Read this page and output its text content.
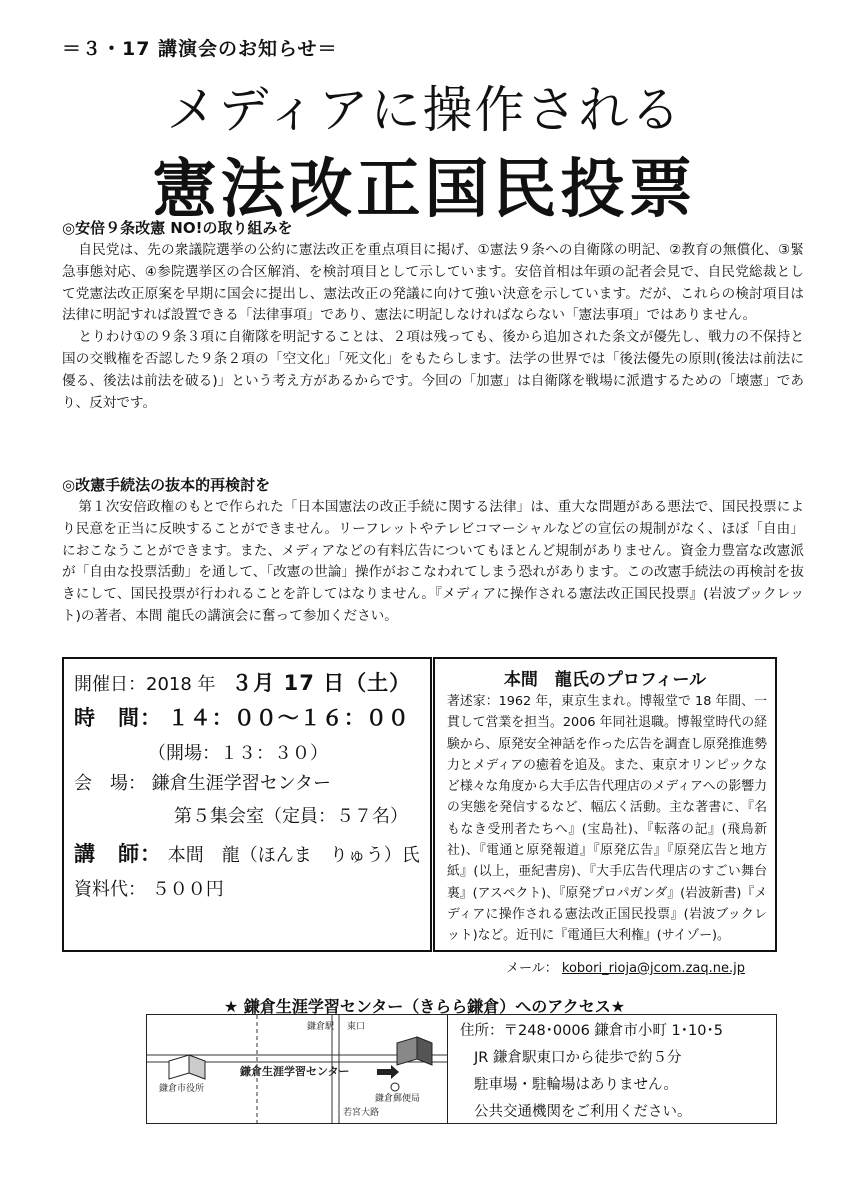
＝３・17 講演会のお知らせ＝
メディアに操作される
憲法改正国民投票
◎安倍９条改憲 NO!の取り組みを

自民党は、先の衆議院選挙の公約に憲法改正を重点項目に掲げ、①憲法９条への自衛隊の明記、②教育の無償化、③緊急事態対応、④参院選挙区の合区解消、を検討項目として示しています。安倍首相は年頭の記者会見で、自民党総裁として党憲法改正原案を早期に国会に提出し、憲法改正の発議に向けて強い決意を示しています。だが、これらの検討項目は法律に明記すれば設置できる「法律事項」であり、憲法に明記しなければならない「憲法事項」ではありません。

とりわけ①の９条３項に自衛隊を明記することは、２項は残っても、後から追加された条文が優先し、戦力の不保持と国の交戦権を否認した９条２項の「空文化」「死文化」をもたらします。法学の世界では「後法優先の原則(後法は前法に優る、後法は前法を破る)」という考え方があるからです。今回の「加憲」は自衛隊を戦場に派遣するための「壊憲」であり、反対です。

◎改憲手続法の抜本的再検討を

第１次安倍政権のもとで作られた「日本国憲法の改正手続に関する法律」は、重大な問題がある悪法で、国民投票により民意を正当に反映することができません。リーフレットやテレビコマーシャルなどの宣伝の規制がなく、ほぼ「自由」におこなうことができます。また、メディアなどの有料広告についてもほとんど規制がありません。資金力豊富な改憲派が「自由な投票活動」を通して、「改憲の世論」操作がおこなわれてしまう恐れがあります。この改憲手続法の再検討を抜きにして、国民投票が行われることを許してはなりません。『メディアに操作される憲法改正国民投票』(岩波ブックレット)の著者、本間 龍氏の講演会に奮って参加ください。

開催日：2018 年 ３月 17 日（土）
時　間： １４：００〜１６：００
（開場：１３：３０）
会　場： 鎌倉生涯学習センター
第５集会室（定員：５７名）
講　師： 本間　龍（ほんま　りゅう）氏
資料代： ５００円
本間　龍氏のプロフィール
著述家：1962 年，東京生まれ。博報堂で 18 年間、一貫して営業を担当。2006 年同社退職。博報堂時代の経験から、原発安全神話を作った広告を調査し原発推進勢力とメディアの癒着を追及。また、東京オリンピックなど様々な角度から大手広告代理店のメディアへの影響力の実態を発信するなど、幅広く活動。主な著書に、『名もなき受刑者たちへ』(宝島社)、『転落の記』(飛鳥新社)、『電通と原発報道』『原発広告』『原発広告と地方紙』(以上，亜紀書房)、『大手広告代理店のすごい舞台裏』(アスペクト)、『原発プロパガンダ』(岩波新書)『メディアに操作される憲法改正国民投票』(岩波ブックレット)など。近刊に『電通巨大利権』(サイゾー)。
メール： kobori_rioja@jcom.zaq.ne.jp
★ 鎌倉生涯学習センター（きらら鎌倉）へのアクセス★
鎌倉生涯学習センター
鎌倉市役所
鎌倉駅
鎌倉郵便局
若宮大路
東口	住所：〒248･0006 鎌倉市小町 1･10･5
JR 鎌倉駅東口から徒歩で約５分
駐車場・駐輪場はありません。
公共交通機関をご利用ください。
